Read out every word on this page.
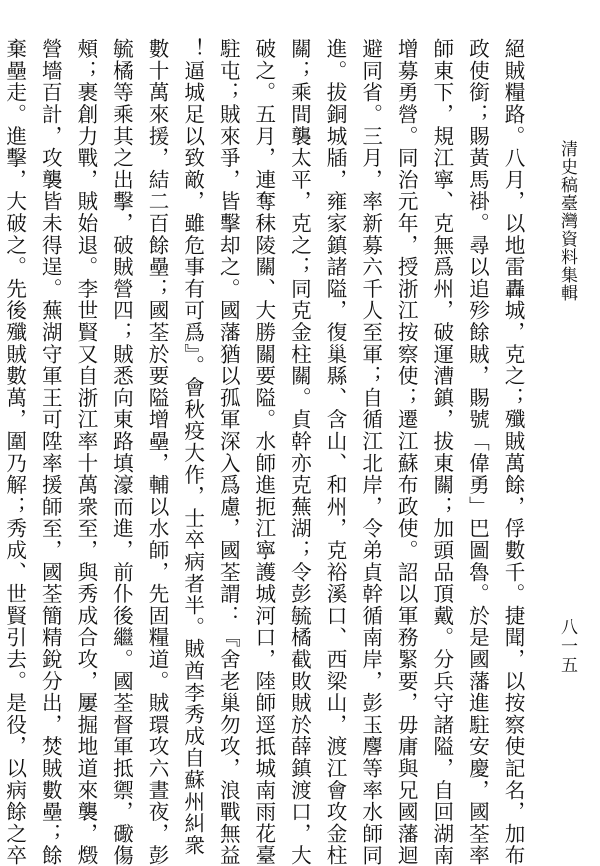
絕賊糧路。八月，以地雷轟城，克之；殲賊萬餘，俘數千。捷聞，以按察使記名，加布
政使銜；賜黃馬褂。尋以追殄餘賊，賜號「偉勇」巴圖魯。於是國藩進駐安慶，國荃率
師東下，規江寧、克無爲州，破運漕鎮，拔東關；加頭品頂戴。分兵守諸隘，自回湖南
增募勇營。同治元年，授浙江按察使；遷江蘇布政使。詔以軍務緊要，毋庸與兄國藩迴
避同省。三月，率新募六千人至軍；自循江北岸，令弟貞幹循南岸，彭玉麐等率水師同
進。拔銅城牐，雍家鎮諸隘，復巢縣、含山、和州，克裕溪口、西梁山，渡江會攻金柱
關；乘間襲太平，克之；同克金柱關。貞幹亦克蕪湖；令彭毓橘截敗賊於薛鎮渡口，大
破之。五月，連奪秣陵關、大勝關要隘。水師進扼江寧護城河口，陸師逕抵城南雨花臺
駐屯；賊來爭，皆擊却之。國藩猶以孤軍深入爲慮，國荃謂：『舍老巢勿攻，浪戰無益
！逼城足以致敵，雖危事有可爲』。會秋疫大作，士卒病者半。賊酋李秀成自蘇州糾衆
數十萬來援，結二百餘壘；國荃於要隘增壘，輔以水師，先固糧道。賊環攻六晝夜，彭
毓橘等乘其之出擊，破賊營四；賊悉向東路填濠而進，前仆後繼。國荃督軍抵禦，礮傷
頰；裹創力戰，賊始退。李世賢又自浙江率十萬衆至，與秀成合攻，屢掘地道來襲，燬
營墻百計，攻襲皆未得逞。蕪湖守軍王可陞率援師至，國荃簡精銳分出，焚賊數壘；餘
棄壘走。進擊，大破之。先後殲賊數萬，圍乃解；秀成、世賢引去。是役，以病餘之卒	清史稿臺灣資料集輯
八一五
